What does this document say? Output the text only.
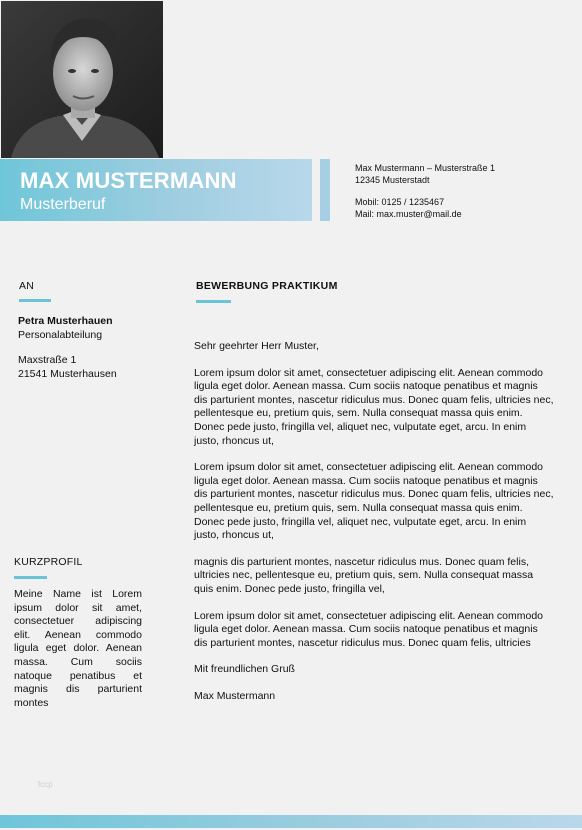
MAX MUSTERMANN
Musterberuf
Max Mustermann – Musterstraße 1
12345 Musterstadt
Mobil: 0125 / 1235467
Mail: max.muster@mail.de
AN
Petra Musterhauen
Personalabteilung
Maxstraße 1
21541 Musterhausen
BEWERBUNG PRAKTIKUM

Sehr geehrter Herr Muster,

Lorem ipsum dolor sit amet, consectetuer adipiscing elit. Aenean commodo ligula eget dolor. Aenean massa. Cum sociis natoque penatibus et magnis dis parturient montes, nascetur ridiculus mus. Donec quam felis, ultricies nec, pellentesque eu, pretium quis, sem. Nulla consequat massa quis enim. Donec pede justo, fringilla vel, aliquet nec, vulputate eget, arcu. In enim justo, rhoncus ut,

Lorem ipsum dolor sit amet, consectetuer adipiscing elit. Aenean commodo ligula eget dolor. Aenean massa. Cum sociis natoque penatibus et magnis dis parturient montes, nascetur ridiculus mus. Donec quam felis, ultricies nec, pellentesque eu, pretium quis, sem. Nulla consequat massa quis enim. Donec pede justo, fringilla vel, aliquet nec, vulputate eget, arcu. In enim justo, rhoncus ut,

magnis dis parturient montes, nascetur ridiculus mus. Donec quam felis, ultricies nec, pellentesque eu, pretium quis, sem. Nulla consequat massa quis enim. Donec pede justo, fringilla vel,

Lorem ipsum dolor sit amet, consectetuer adipiscing elit. Aenean commodo ligula eget dolor. Aenean massa. Cum sociis natoque penatibus et magnis dis parturient montes, nascetur ridiculus mus. Donec quam felis, ultricies

Mit freundlichen Gruß

Max Mustermann

KURZPROFIL
Meine Name ist Lorem ipsum dolor sit amet, consectetuer adipiscing elit. Aenean commodo ligula eget dolor. Aenean massa. Cum sociis natoque penatibus et magnis dis parturient montes
fccp
